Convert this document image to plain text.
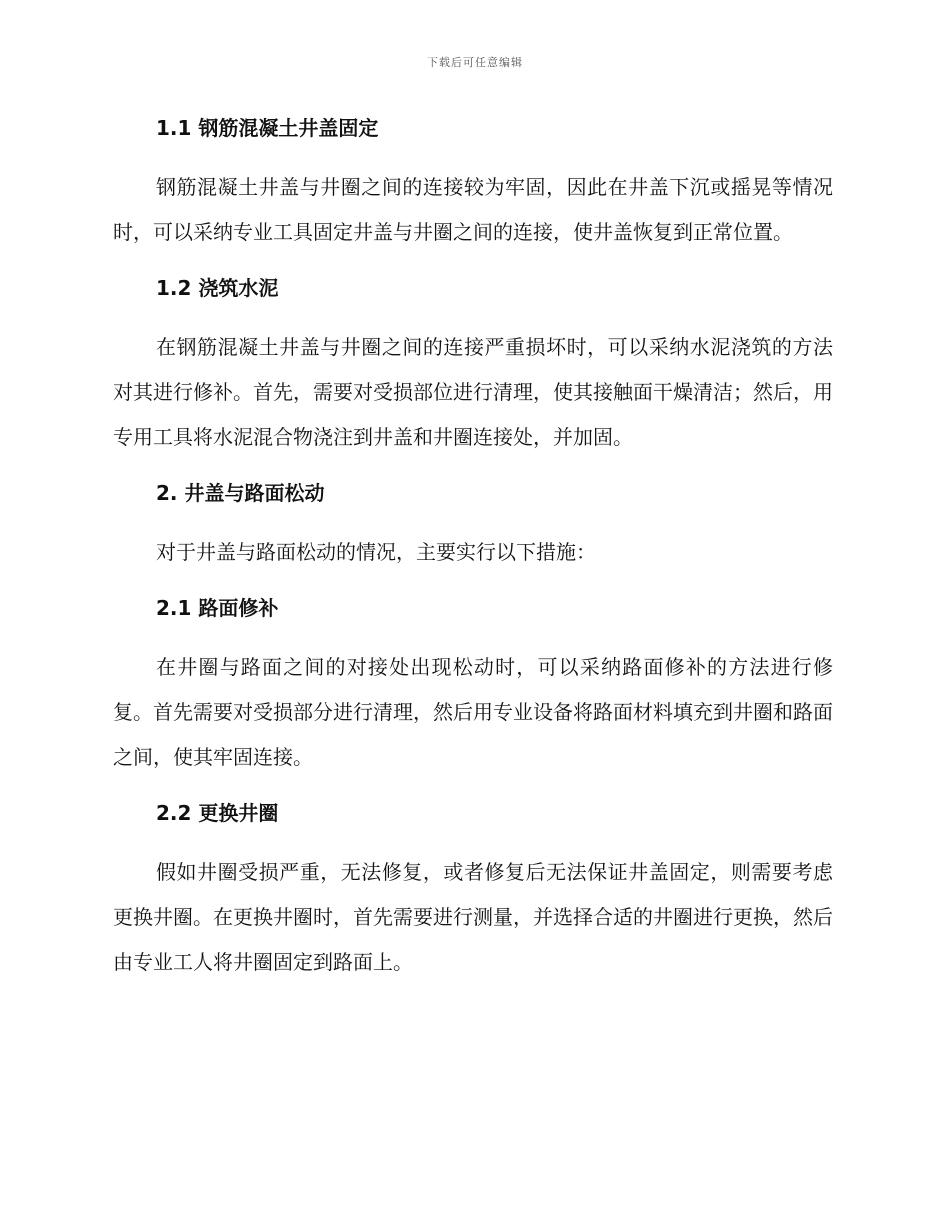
下载后可任意编辑
1.1 钢筋混凝土井盖固定

钢筋混凝土井盖与井圈之间的连接较为牢固，因此在井盖下沉或摇晃等情况时，可以采纳专业工具固定井盖与井圈之间的连接，使井盖恢复到正常位置。

1.2 浇筑水泥

在钢筋混凝土井盖与井圈之间的连接严重损坏时，可以采纳水泥浇筑的方法对其进行修补。首先，需要对受损部位进行清理，使其接触面干燥清洁；然后，用专用工具将水泥混合物浇注到井盖和井圈连接处，并加固。

2. 井盖与路面松动

对于井盖与路面松动的情况，主要实行以下措施：

2.1 路面修补

在井圈与路面之间的对接处出现松动时，可以采纳路面修补的方法进行修复。首先需要对受损部分进行清理，然后用专业设备将路面材料填充到井圈和路面之间，使其牢固连接。

2.2 更换井圈

假如井圈受损严重，无法修复，或者修复后无法保证井盖固定，则需要考虑更换井圈。在更换井圈时，首先需要进行测量，并选择合适的井圈进行更换，然后由专业工人将井圈固定到路面上。
